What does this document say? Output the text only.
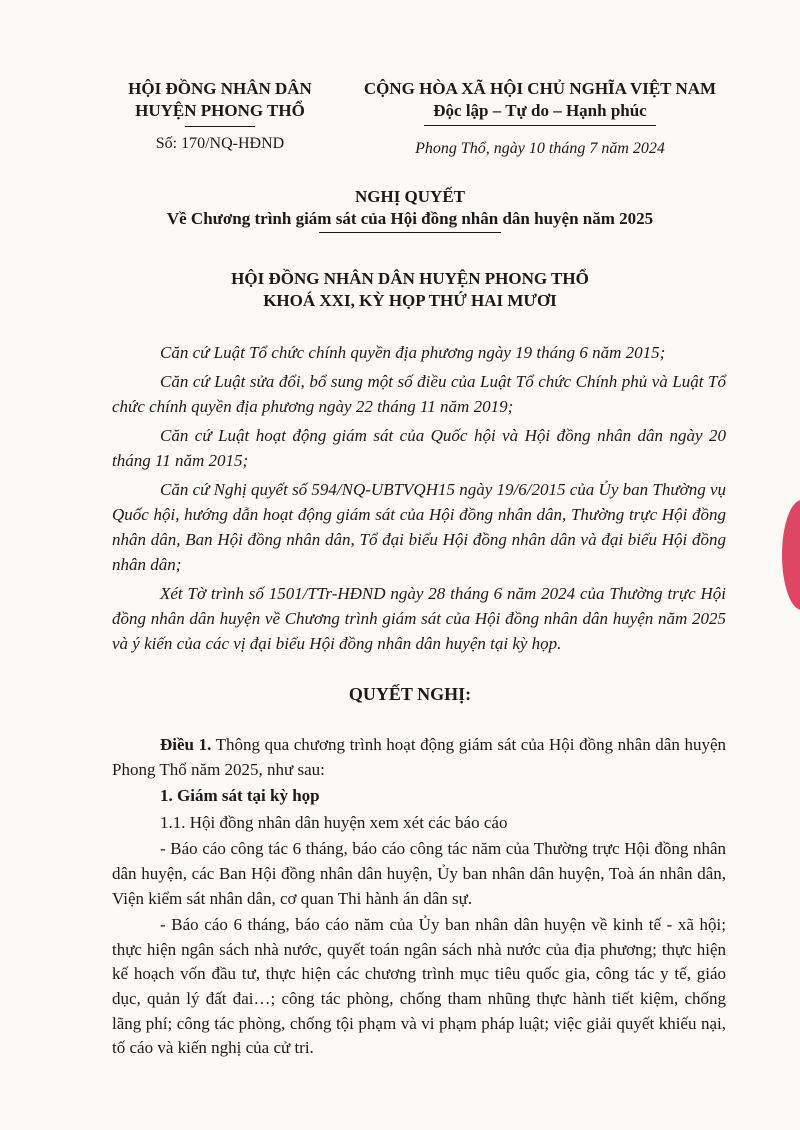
HỘI ĐỒNG NHÂN DÂN
HUYỆN PHONG THỔ
CỘNG HÒA XÃ HỘI CHỦ NGHĨA VIỆT NAM
Độc lập – Tự do – Hạnh phúc
Số: 170/NQ-HĐND	Phong Thổ, ngày 10 tháng 7 năm 2024
NGHỊ QUYẾT
Về Chương trình giám sát của Hội đồng nhân dân huyện năm 2025
HỘI ĐỒNG NHÂN DÂN HUYỆN PHONG THỔ
KHOÁ XXI, KỲ HỌP THỨ HAI MƯƠI

Căn cứ Luật Tổ chức chính quyền địa phương ngày 19 tháng 6 năm 2015;

Căn cứ Luật sửa đổi, bổ sung một số điều của Luật Tổ chức Chính phủ và Luật Tổ chức chính quyền địa phương ngày 22 tháng 11 năm 2019;

Căn cứ Luật hoạt động giám sát của Quốc hội và Hội đồng nhân dân ngày 20 tháng 11 năm 2015;

Căn cứ Nghị quyết số 594/NQ-UBTVQH15 ngày 19/6/2015 của Ủy ban Thường vụ Quốc hội, hướng dẫn hoạt động giám sát của Hội đồng nhân dân, Thường trực Hội đồng nhân dân, Ban Hội đồng nhân dân, Tổ đại biểu Hội đồng nhân dân và đại biểu Hội đồng nhân dân;

Xét Tờ trình số 1501/TTr-HĐND ngày 28 tháng 6 năm 2024 của Thường trực Hội đồng nhân dân huyện về Chương trình giám sát của Hội đồng nhân dân huyện năm 2025 và ý kiến của các vị đại biểu Hội đồng nhân dân huyện tại kỳ họp.

QUYẾT NGHỊ:

Điều 1. Thông qua chương trình hoạt động giám sát của Hội đồng nhân dân huyện Phong Thổ năm 2025, như sau:

1. Giám sát tại kỳ họp

1.1. Hội đồng nhân dân huyện xem xét các báo cáo

- Báo cáo công tác 6 tháng, báo cáo công tác năm của Thường trực Hội đồng nhân dân huyện, các Ban Hội đồng nhân dân huyện, Ủy ban nhân dân huyện, Toà án nhân dân, Viện kiểm sát nhân dân, cơ quan Thi hành án dân sự.

- Báo cáo 6 tháng, báo cáo năm của Ủy ban nhân dân huyện về kinh tế - xã hội; thực hiện ngân sách nhà nước, quyết toán ngân sách nhà nước của địa phương; thực hiện kế hoạch vốn đầu tư, thực hiện các chương trình mục tiêu quốc gia, công tác y tế, giáo dục, quản lý đất đai…; công tác phòng, chống tham nhũng thực hành tiết kiệm, chống lãng phí; công tác phòng, chống tội phạm và vi phạm pháp luật; việc giải quyết khiếu nại, tố cáo và kiến nghị của cử tri.
